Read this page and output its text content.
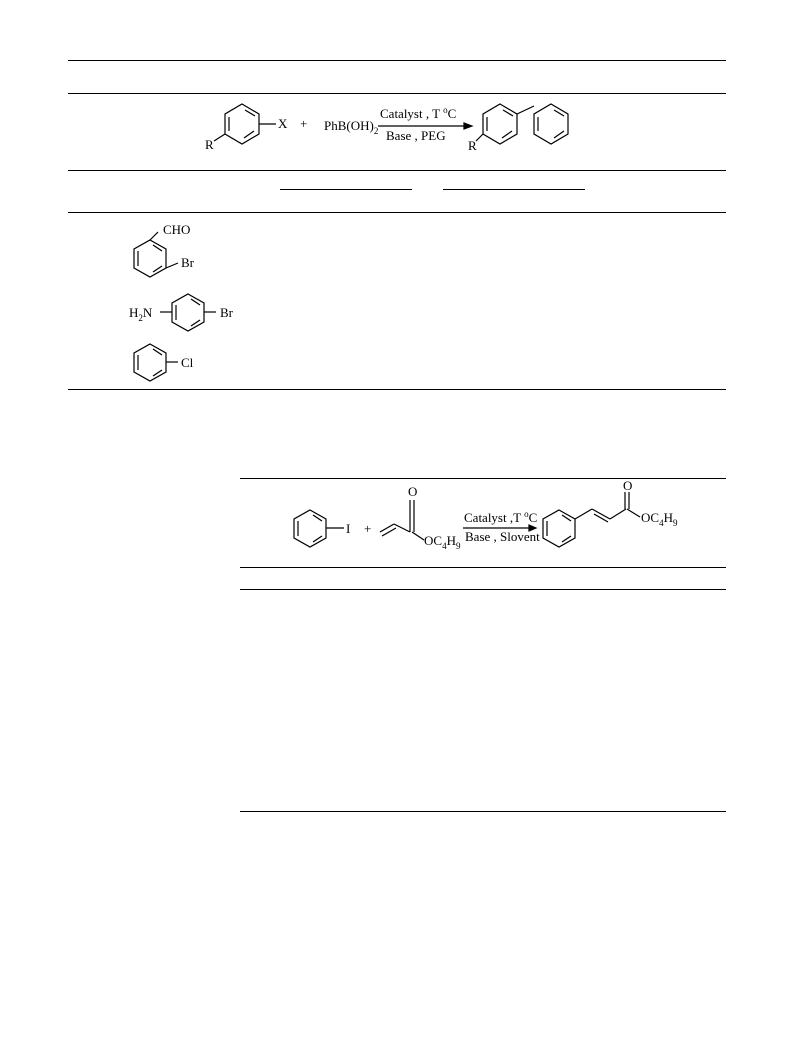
X
R
+ $PhB(OH)_2$
Catalyst , T $^o$C
Base , PEG
R
CHO
Br
$H_2N$	Br
Cl
I +
O
$OC_4H_9$
Catalyst ,T $^o$C
Base , Slovent
O
$OC_4H_9$
